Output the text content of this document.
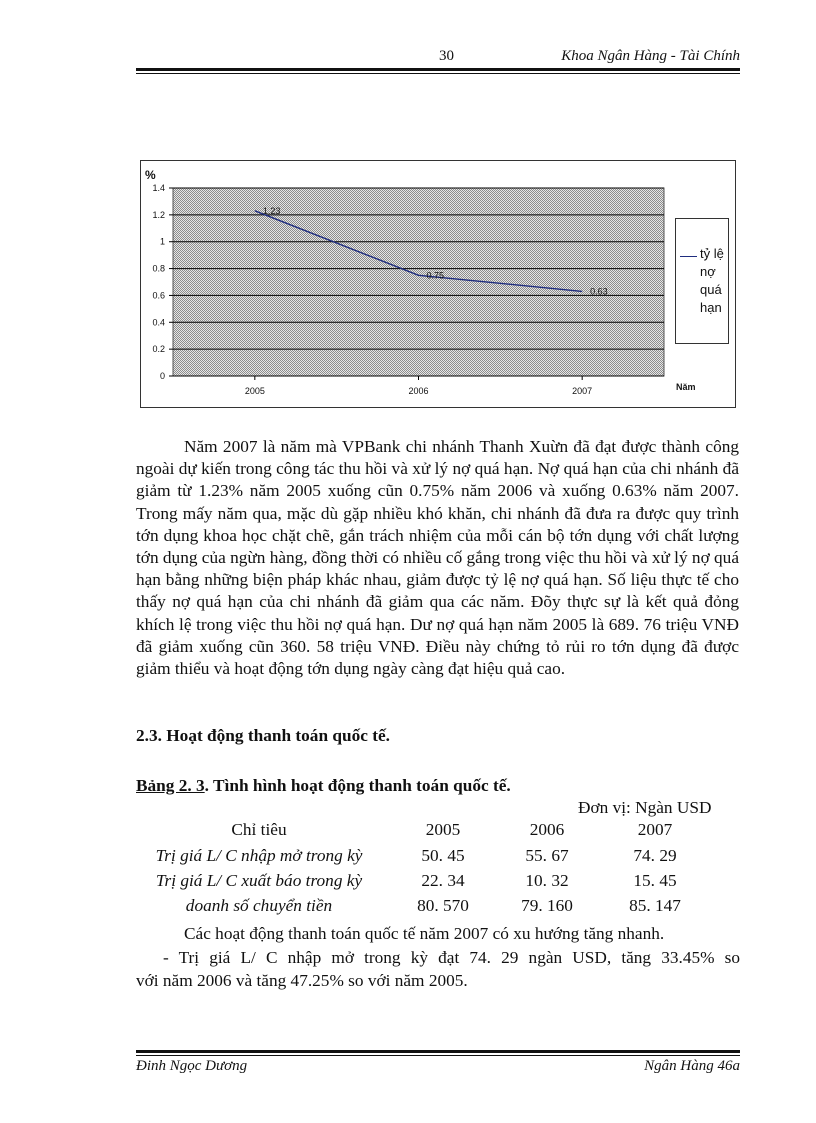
30	Khoa Ngân Hàng - Tài Chính
0
0.2
0.4
0.6
0.8
1
1.2
1.4
2005	2006	2007
%
Năm
1.23
0.75
0.63
tỷ lệ
nợ
quá
hạn

Năm 2007 là năm mà VPBank chi nhánh Thanh Xuừn đã đạt được thành công ngoài dự kiến trong công tác thu hồi và xử lý nợ quá hạn. Nợ quá hạn của chi nhánh đã giảm từ 1.23% năm 2005 xuống cũn 0.75% năm 2006 và xuống 0.63% năm 2007. Trong mấy năm qua, mặc dù gặp nhiều khó khăn, chi nhánh đã đưa ra được quy trình tớn dụng khoa học chặt chẽ, gắn trách nhiệm của mỗi cán bộ tớn dụng với chất lượng tớn dụng của ngừn hàng, đồng thời có nhiều cố gắng trong việc thu hồi và xử lý nợ quá hạn bằng những biện pháp khác nhau, giảm được tỷ lệ nợ quá hạn. Số liệu thực tế cho thấy nợ quá hạn của chi nhánh đã giảm qua các năm. Đõy thực sự là kết quả đỏng khích lệ trong việc thu hồi nợ quá hạn. Dư nợ quá hạn năm 2005 là 689. 76 triệu VNĐ đã giảm xuống cũn 360. 58 triệu VNĐ. Điều này chứng tỏ rủi ro tớn dụng đã được giảm thiểu và hoạt động tớn dụng ngày càng đạt hiệu quả cao.

2.3. Hoạt động thanh toán quốc tế.

Bảng 2. 3. Tình hình hoạt động thanh toán quốc tế.
Đơn vị: Ngàn USD
Chỉ tiêu	2005	2006	2007
Trị giá L/ C nhập mở trong kỳ	50. 45	55. 67	74. 29
Trị giá L/ C xuất báo trong kỳ	22. 34	10. 32	15. 45
doanh số chuyển tiền	80. 570	79. 160	85. 147

Các hoạt động thanh toán quốc tế năm 2007 có xu hướng tăng nhanh.
- Trị giá L/ C nhập mở trong kỳ đạt 74. 29 ngàn USD, tăng 33.45% so
với năm 2006 và tăng 47.25% so với năm 2005.

Đinh Ngọc Dương	Ngân Hàng 46a
